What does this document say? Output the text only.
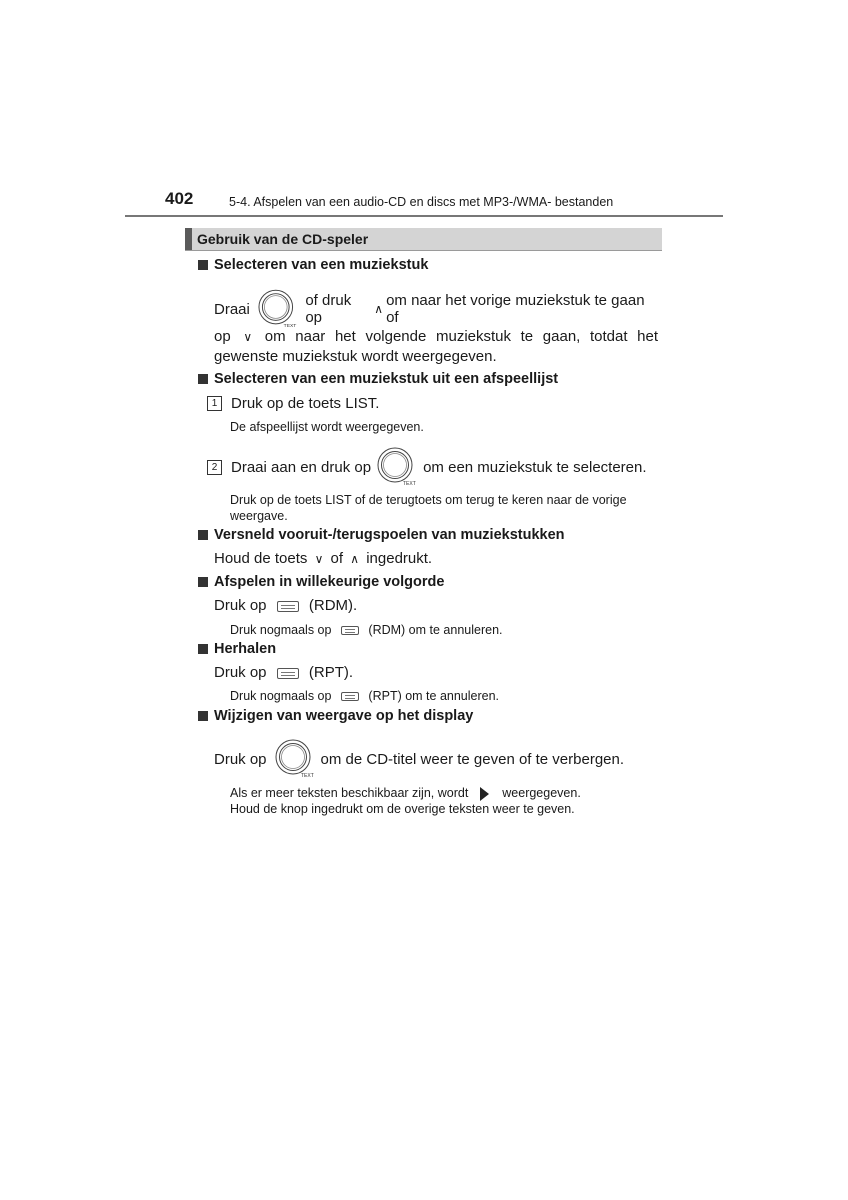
402	5-4. Afspelen van een audio-CD en discs met MP3-/WMA- bestanden
Gebruik van de CD-speler
Selecteren van een muziekstuk
Draai
TEXT
of druk op	∧ om naar het vorige muziekstuk te gaan of
op ∨ om naar het volgende muziekstuk te gaan, totdat het
gewenste muziekstuk wordt weergegeven.
Selecteren van een muziekstuk uit een afspeellijst
1 Druk op de toets LIST.
De afspeellijst wordt weergegeven.
2 Draai aan en druk op
TEXT
om een muziekstuk te selecteren.
Druk op de toets LIST of de terugtoets om terug te keren naar de vorige
weergave.
Versneld vooruit-/terugspoelen van muziekstukken
Houd de toets ∨ of ∧ ingedrukt.
Afspelen in willekeurige volgorde
Druk op	(RDM).
Druk nogmaals op	(RDM) om te annuleren.
Herhalen
Druk op	(RPT).
Druk nogmaals op	(RPT) om te annuleren.
Wijzigen van weergave op het display
Druk op
TEXT
om de CD-titel weer te geven of te verbergen.
Als er meer teksten beschikbaar zijn, wordt	weergegeven.
Houd de knop ingedrukt om de overige teksten weer te geven.
